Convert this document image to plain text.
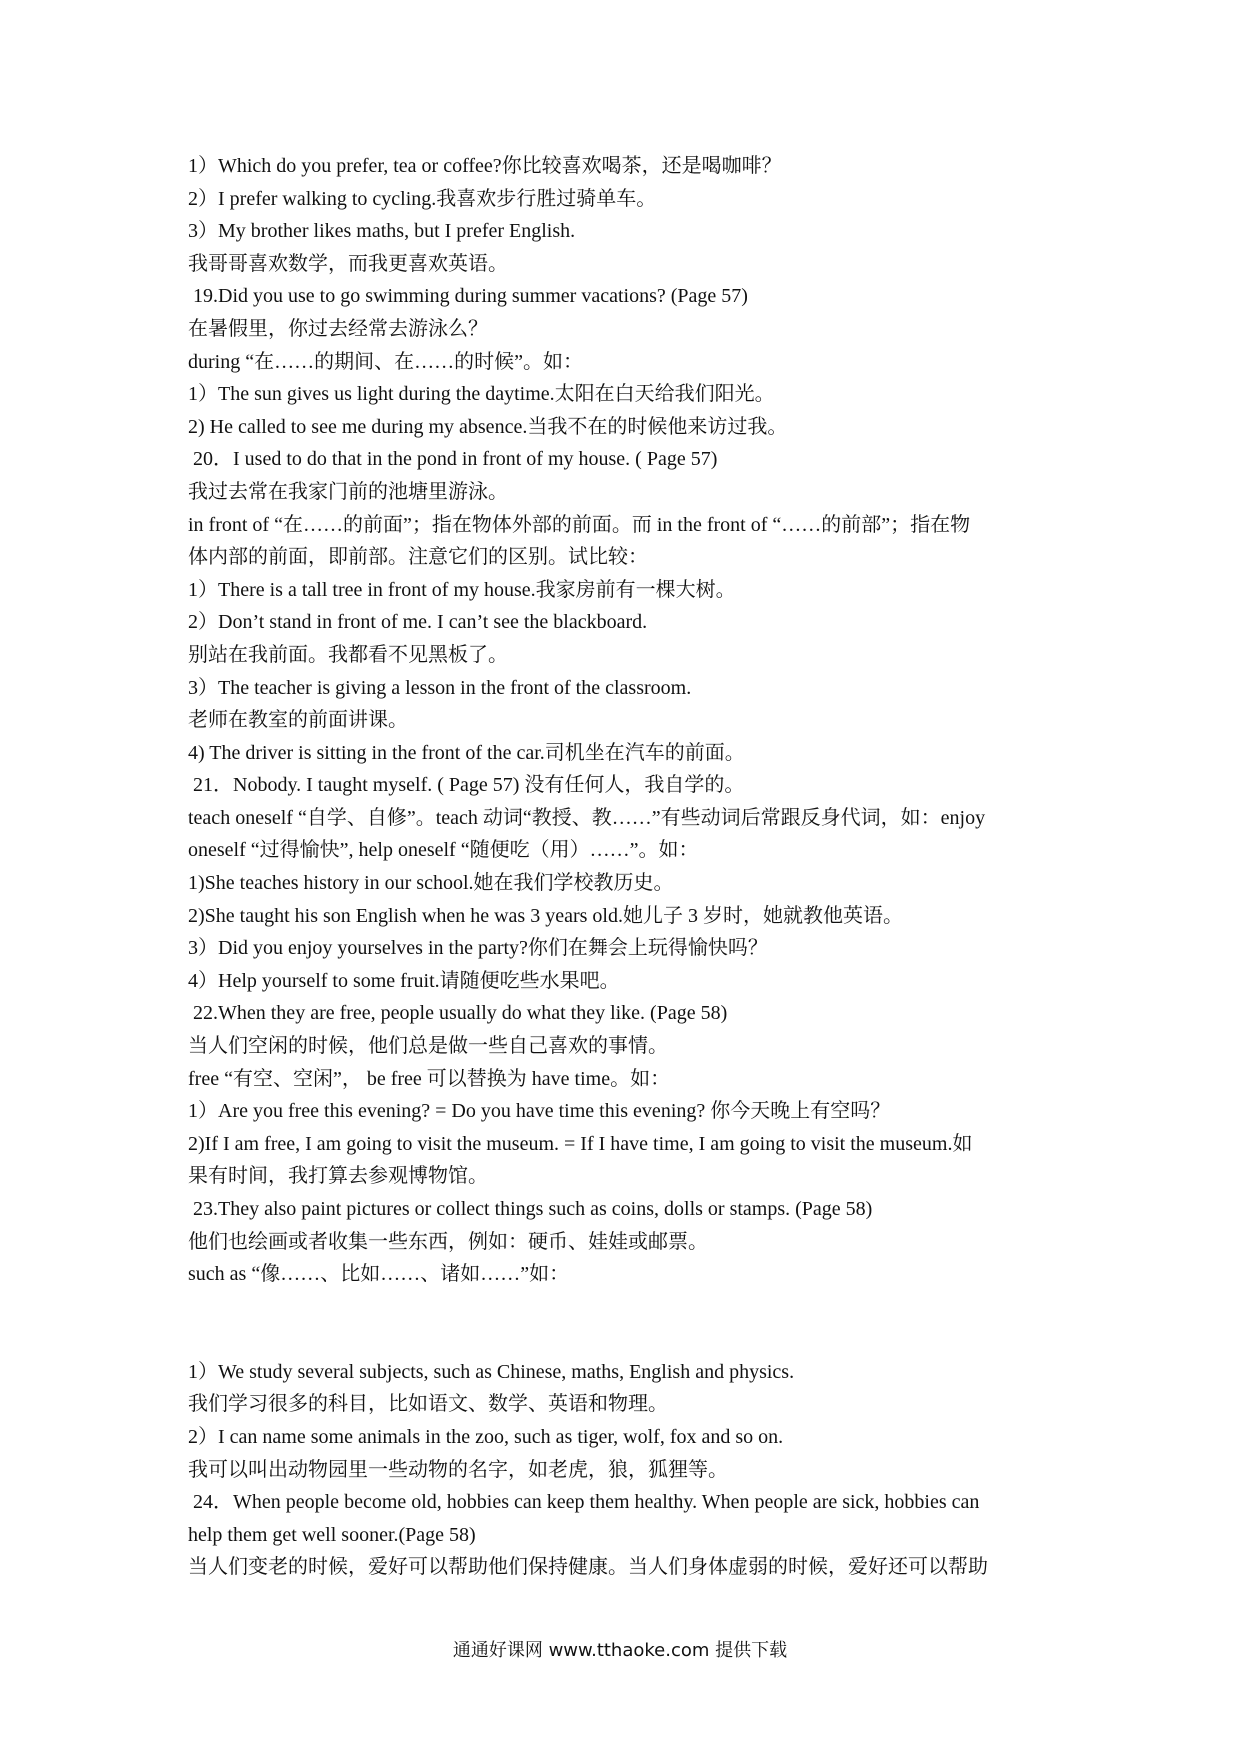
1）Which do you prefer, tea or coffee?你比较喜欢喝茶，还是喝咖啡？
2）I prefer walking to cycling.我喜欢步行胜过骑单车。
3）My brother likes maths, but I prefer English.
我哥哥喜欢数学，而我更喜欢英语。
19.Did you use to go swimming during summer vacations? (Page 57)
在暑假里，你过去经常去游泳么？
during “在……的期间、在……的时候”。如：
1）The sun gives us light during the daytime.太阳在白天给我们阳光。
2) He called to see me during my absence.当我不在的时候他来访过我。
20．I used to do that in the pond in front of my house. ( Page 57)
我过去常在我家门前的池塘里游泳。
in front of “在……的前面”；指在物体外部的前面。而 in the front of “……的前部”；指在物
体内部的前面，即前部。注意它们的区别。试比较：
1）There is a tall tree in front of my house.我家房前有一棵大树。
2）Don’t stand in front of me. I can’t see the blackboard.
别站在我前面。我都看不见黑板了。
3）The teacher is giving a lesson in the front of the classroom.
老师在教室的前面讲课。
4) The driver is sitting in the front of the car.司机坐在汽车的前面。
21．Nobody. I taught myself. ( Page 57) 没有任何人，我自学的。
teach oneself “自学、自修”。teach 动词“教授、教……”有些动词后常跟反身代词，如：enjoy
oneself “过得愉快”, help oneself “随便吃（用）……”。如：
1)She teaches history in our school.她在我们学校教历史。
2)She taught his son English when he was 3 years old.她儿子 3 岁时，她就教他英语。
3）Did you enjoy yourselves in the party?你们在舞会上玩得愉快吗？
4）Help yourself to some fruit.请随便吃些水果吧。
22.When they are free, people usually do what they like. (Page 58)
当人们空闲的时候，他们总是做一些自己喜欢的事情。
free “有空、空闲”， be free 可以替换为 have time。如：
1）Are you free this evening? = Do you have time this evening? 你今天晚上有空吗？
2)If I am free, I am going to visit the museum. = If I have time, I am going to visit the museum.如
果有时间，我打算去参观博物馆。
23.They also paint pictures or collect things such as coins, dolls or stamps. (Page 58)
他们也绘画或者收集一些东西，例如：硬币、娃娃或邮票。
such as “像……、比如……、诸如……”如：
1）We study several subjects, such as Chinese, maths, English and physics.
我们学习很多的科目，比如语文、数学、英语和物理。
2）I can name some animals in the zoo, such as tiger, wolf, fox and so on.
我可以叫出动物园里一些动物的名字，如老虎，狼，狐狸等。
24．When people become old, hobbies can keep them healthy. When people are sick, hobbies can
help them get well sooner.(Page 58)
当人们变老的时候，爱好可以帮助他们保持健康。当人们身体虚弱的时候，爱好还可以帮助
通通好课网 www.tthaoke.com 提供下载
